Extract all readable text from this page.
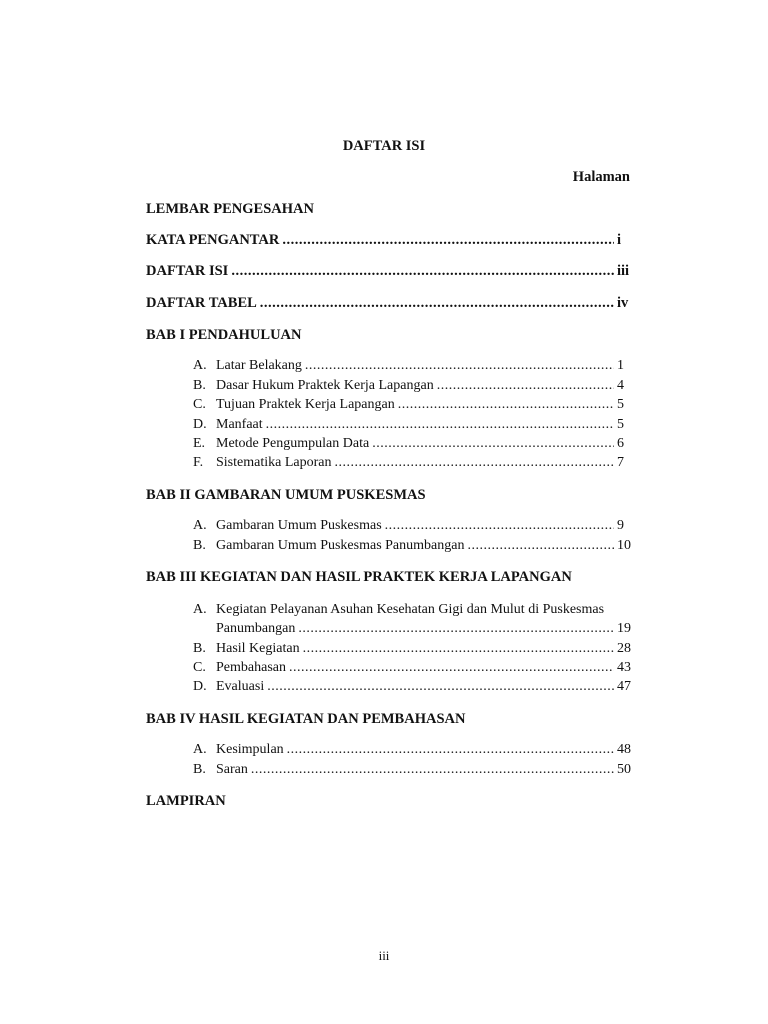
DAFTAR ISI
Halaman
LEMBAR PENGESAHAN
KATA PENGANTAR .....	i
DAFTAR ISI .....	iii
DAFTAR TABEL .....	iv
BAB I PENDAHULUAN
A. Latar Belakang .....	1
B. Dasar Hukum Praktek Kerja Lapangan .....	4
C. Tujuan Praktek Kerja Lapangan .....	5
D. Manfaat .....	5
E. Metode Pengumpulan Data .....	6
F. Sistematika Laporan .....	7
BAB II GAMBARAN UMUM PUSKESMAS
A. Gambaran Umum Puskesmas .....	9
B. Gambaran Umum Puskesmas Panumbangan .....	10
BAB III KEGIATAN DAN HASIL PRAKTEK KERJA LAPANGAN
A. Kegiatan Pelayanan Asuhan Kesehatan Gigi dan Mulut di Puskesmas
Panumbangan .....	19
B. Hasil Kegiatan .....	28
C. Pembahasan .....	43
D. Evaluasi .....	47
BAB IV HASIL KEGIATAN DAN PEMBAHASAN
A. Kesimpulan .....	48
B. Saran .....	50
LAMPIRAN
iii
